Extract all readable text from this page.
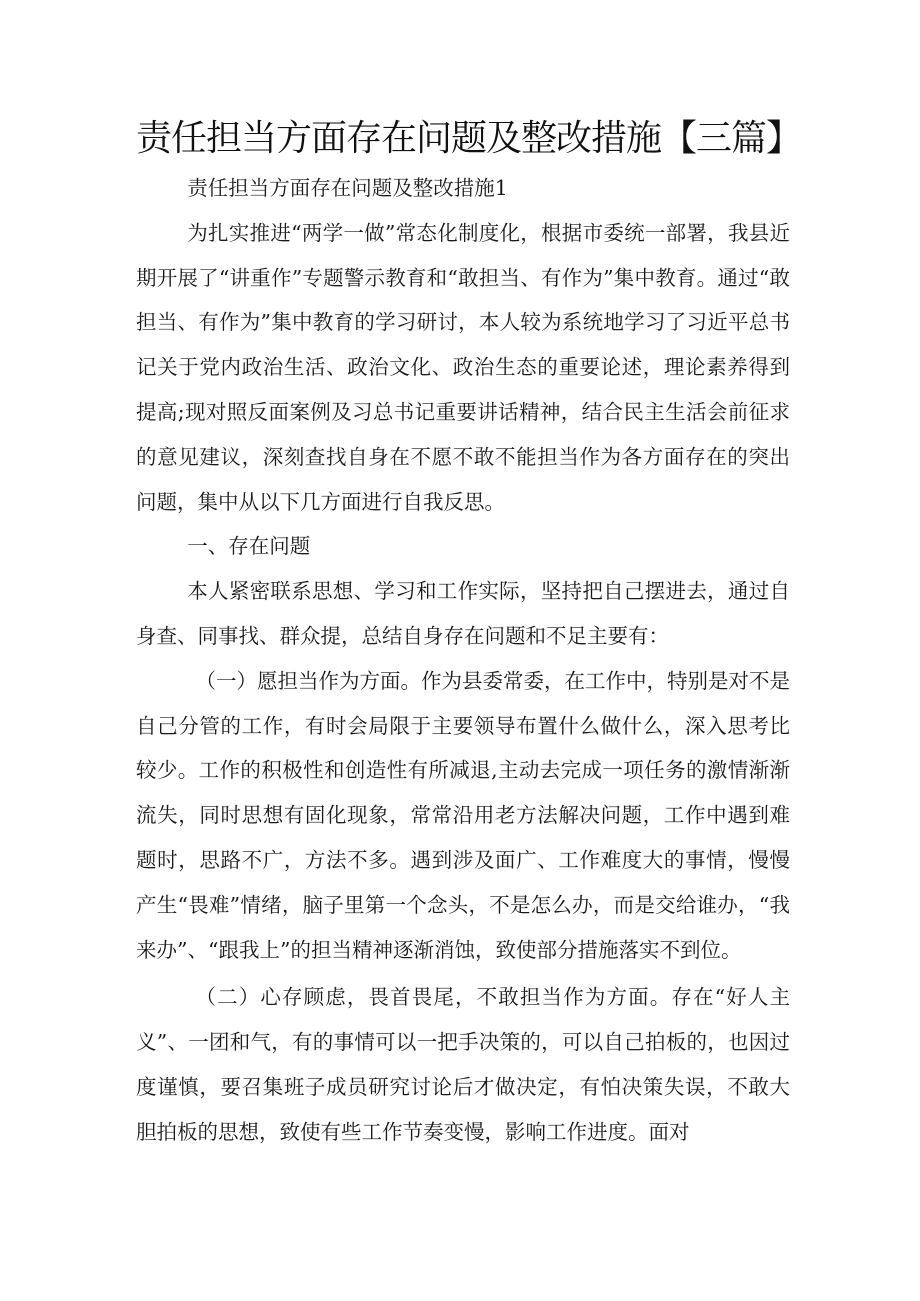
责任担当方面存在问题及整改措施【三篇】

责任担当方面存在问题及整改措施1

为扎实推进“两学一做”常态化制度化，根据市委统一部署，我县近期开展了“讲重作”专题警示教育和“敢担当、有作为”集中教育。通过“敢担当、有作为”集中教育的学习研讨，本人较为系统地学习了习近平总书记关于党内政治生活、政治文化、政治生态的重要论述，理论素养得到提高;现对照反面案例及习总书记重要讲话精神，结合民主生活会前征求的意见建议，深刻查找自身在不愿不敢不能担当作为各方面存在的突出问题，集中从以下几方面进行自我反思。

一、存在问题

本人紧密联系思想、学习和工作实际，坚持把自己摆进去，通过自身查、同事找、群众提，总结自身存在问题和不足主要有：

（一）愿担当作为方面。作为县委常委，在工作中，特别是对不是自己分管的工作，有时会局限于主要领导布置什么做什么，深入思考比较少。工作的积极性和创造性有所减退,主动去完成一项任务的激情渐渐流失，同时思想有固化现象，常常沿用老方法解决问题，工作中遇到难题时，思路不广，方法不多。遇到涉及面广、工作难度大的事情，慢慢产生“畏难”情绪，脑子里第一个念头，不是怎么办，而是交给谁办，“我来办”、“跟我上”的担当精神逐渐消蚀，致使部分措施落实不到位。

（二）心存顾虑，畏首畏尾，不敢担当作为方面。存在“好人主义”、一团和气，有的事情可以一把手决策的，可以自己拍板的，也因过度谨慎，要召集班子成员研究讨论后才做决定，有怕决策失误，不敢大胆拍板的思想，致使有些工作节奏变慢，影响工作进度。面对
